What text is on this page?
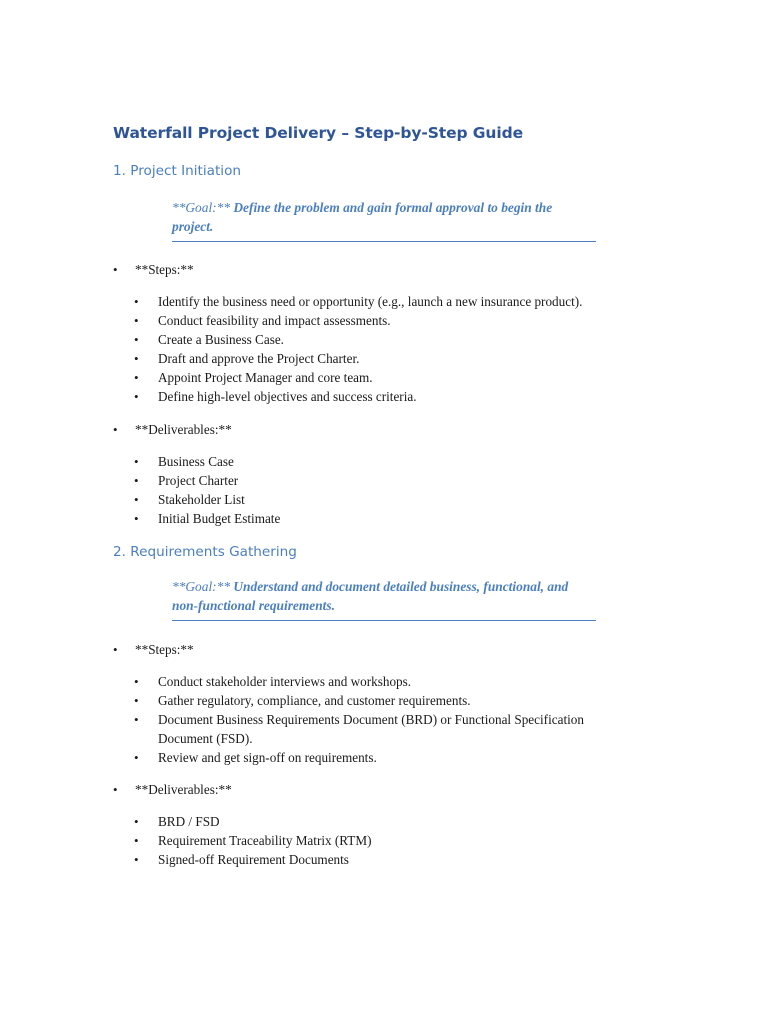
Waterfall Project Delivery – Step-by-Step Guide
1. Project Initiation

**Goal:** Define the problem and gain formal approval to begin the project.

• **Steps:**
• Identify the business need or opportunity (e.g., launch a new insurance product).
• Conduct feasibility and impact assessments.
• Create a Business Case.
• Draft and approve the Project Charter.
• Appoint Project Manager and core team.
• Define high-level objectives and success criteria.
• **Deliverables:**
• Business Case
• Project Charter
• Stakeholder List
• Initial Budget Estimate
2. Requirements Gathering

**Goal:** Understand and document detailed business, functional, and non-functional requirements.

• **Steps:**
• Conduct stakeholder interviews and workshops.
• Gather regulatory, compliance, and customer requirements.
• Document Business Requirements Document (BRD) or Functional Specification Document (FSD).
• Review and get sign-off on requirements.
• **Deliverables:**
• BRD / FSD
• Requirement Traceability Matrix (RTM)
• Signed-off Requirement Documents
